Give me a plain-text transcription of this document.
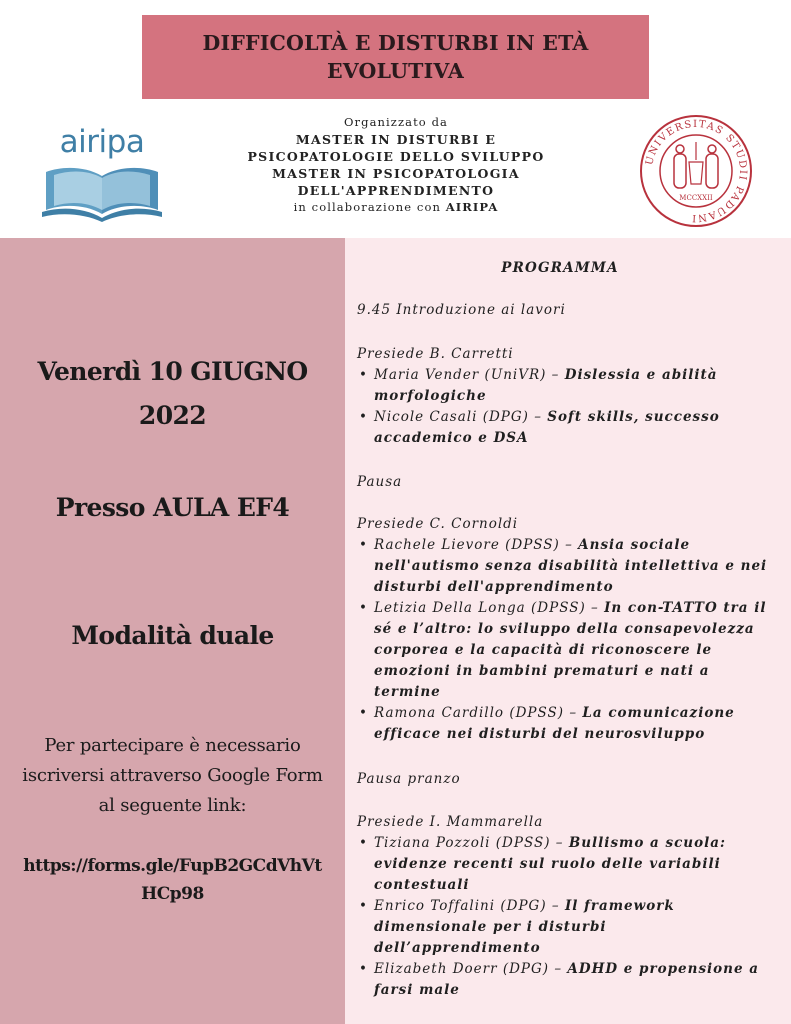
DIFFICOLTÀ E DISTURBI IN ETÀ
EVOLUTIVA
airipa
Organizzato da
MASTER IN DISTURBI E
PSICOPATOLOGIE DELLO SVILUPPO
MASTER IN PSICOPATOLOGIA
DELL'APPRENDIMENTO
in collaborazione con AIRIPA
UNIVERSITAS STUDII PADUANI
MCCXXII
Venerdì 10 GIUGNO
2022
Presso AULA EF4
Modalità duale
Per partecipare è necessario
iscriversi attraverso Google Form
al seguente link:
https://forms.gle/FupB2GCdVhVt
HCp98
PROGRAMMA
9.45 Introduzione ai lavori
Presiede B. Carretti
• Maria Vender (UniVR) – Dislessia e abilità morfologiche
• Nicole Casali (DPG) – Soft skills, successo accademico e DSA
Pausa
Presiede C. Cornoldi
• Rachele Lievore (DPSS) – Ansia sociale nell'autismo senza disabilità intellettiva e nei disturbi dell'apprendimento
• Letizia Della Longa (DPSS) – In con-TATTO tra il sé e l’altro: lo sviluppo della consapevolezza corporea e la capacità di riconoscere le emozioni in bambini prematuri e nati a termine
• Ramona Cardillo (DPSS) – La comunicazione efficace nei disturbi del neurosviluppo
Pausa pranzo
Presiede I. Mammarella
• Tiziana Pozzoli (DPSS) – Bullismo a scuola: evidenze recenti sul ruolo delle variabili contestuali
• Enrico Toffalini (DPG) – Il framework dimensionale per i disturbi dell’apprendimento
• Elizabeth Doerr (DPG) – ADHD e propensione a farsi male
